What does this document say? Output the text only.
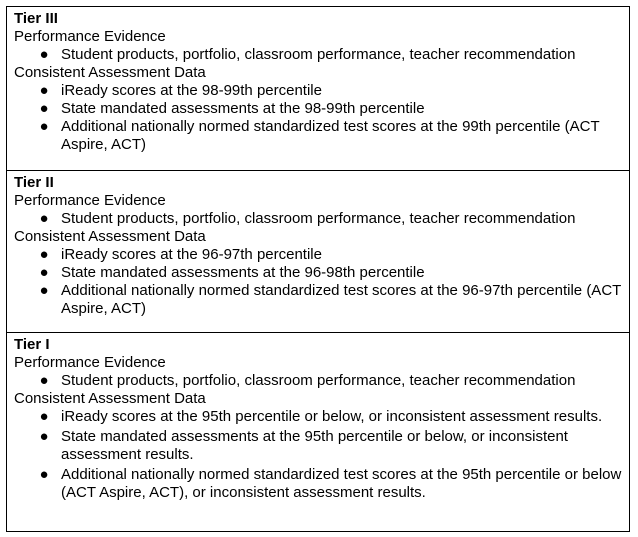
Tier III
Performance Evidence
● Student products, portfolio, classroom performance, teacher recommendation
Consistent Assessment Data
● iReady scores at the 98-99th percentile
● State mandated assessments at the 98-99th percentile
● Additional nationally normed standardized test scores at the 99th percentile (ACT Aspire, ACT)
Tier II
Performance Evidence
● Student products, portfolio, classroom performance, teacher recommendation
Consistent Assessment Data
● iReady scores at the 96-97th percentile
● State mandated assessments at the 96-98th percentile
● Additional nationally normed standardized test scores at the 96-97th percentile (ACT Aspire, ACT)
Tier I
Performance Evidence
● Student products, portfolio, classroom performance, teacher recommendation
Consistent Assessment Data
● iReady scores at the 95th percentile or below, or inconsistent assessment results.
● State mandated assessments at the 95th percentile or below, or inconsistent assessment results.
● Additional nationally normed standardized test scores at the 95th percentile or below (ACT Aspire, ACT), or inconsistent assessment results.
